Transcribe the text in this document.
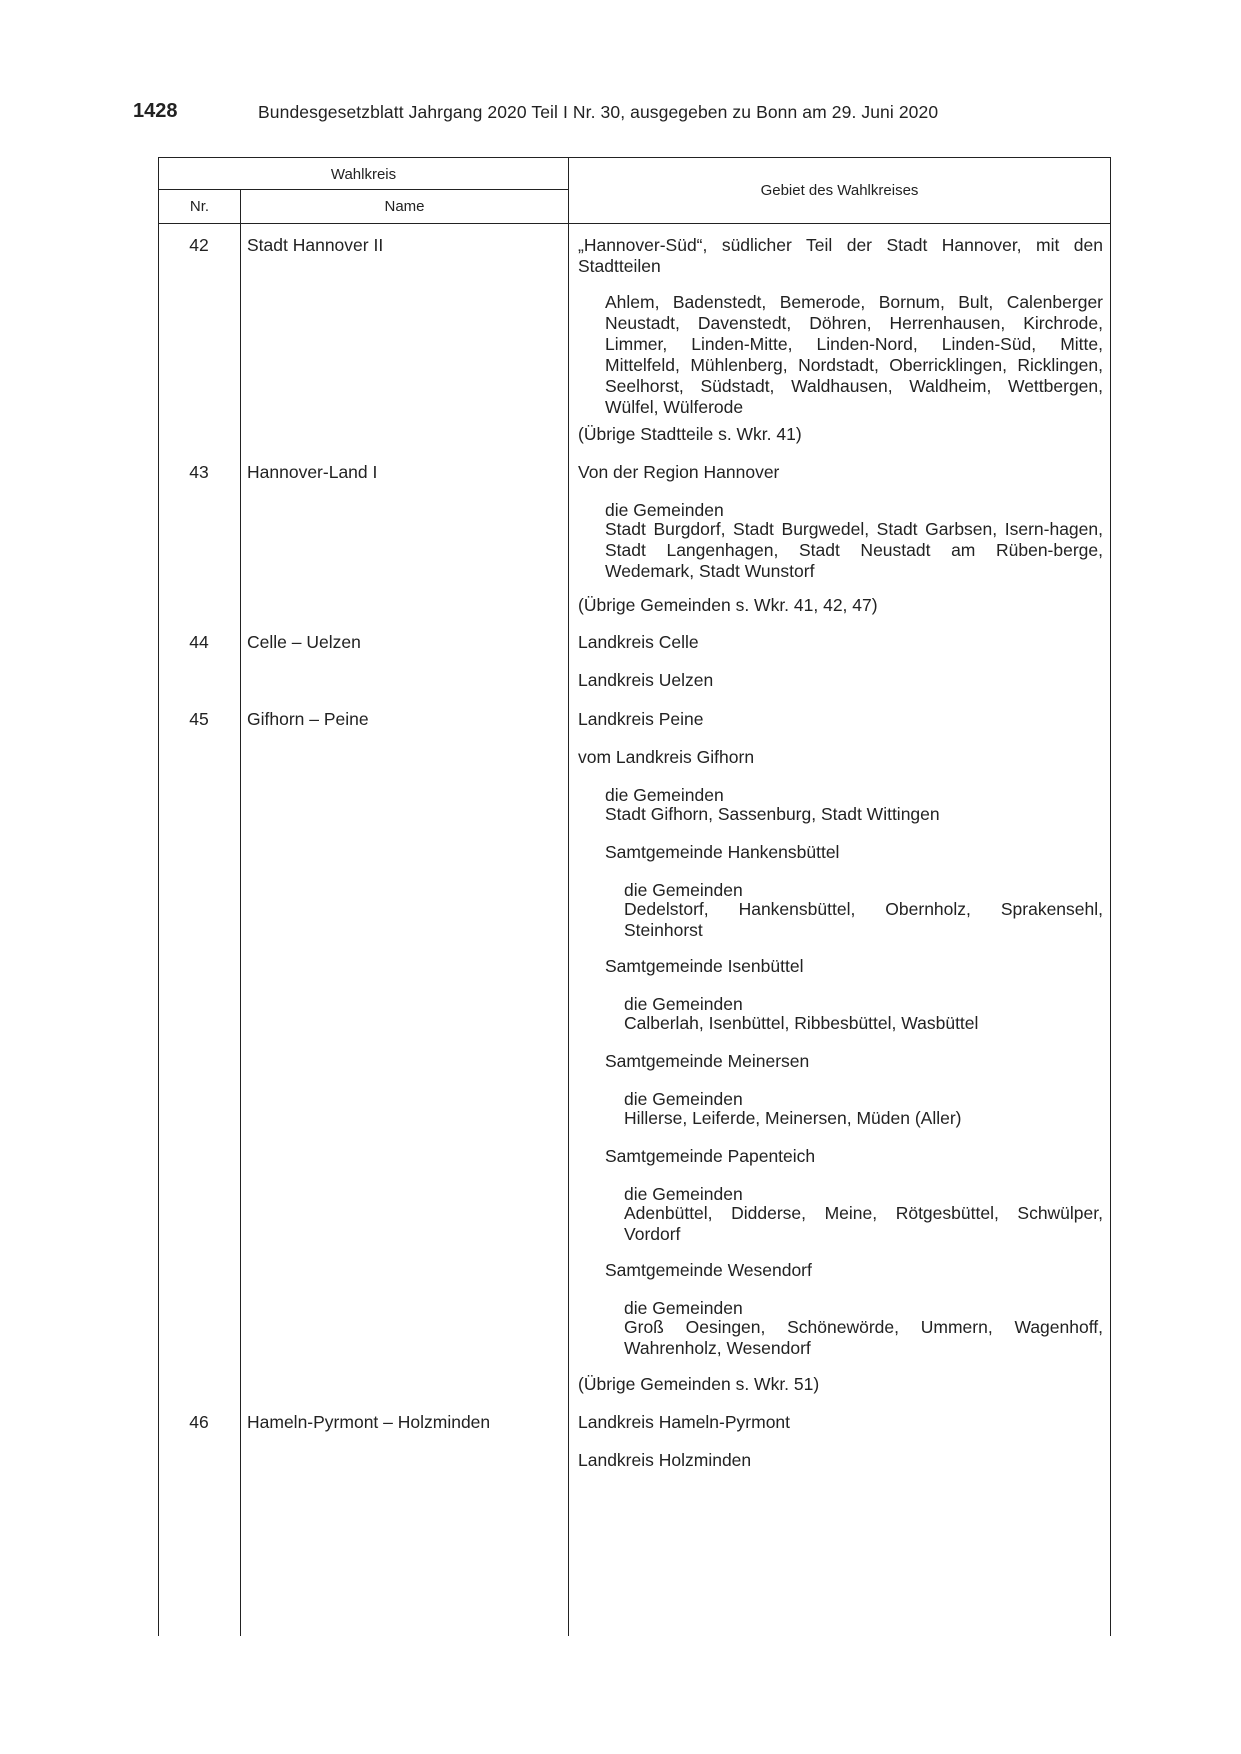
1428	Bundesgesetzblatt Jahrgang 2020 Teil I Nr. 30, ausgegeben zu Bonn am 29. Juni 2020
Wahlkreis
Nr.	Name
Gebiet des Wahlkreises
42	Stadt Hannover II	„Hannover-Süd“, südlicher Teil der Stadt Hannover, mit den Stadtteilen
Ahlem, Badenstedt, Bemerode, Bornum, Bult, Calenberger Neustadt, Davenstedt, Döhren, Herrenhausen, Kirchrode, Limmer, Linden-Mitte, Linden-Nord, Linden-Süd, Mitte, Mittelfeld, Mühlenberg, Nordstadt, Oberricklingen, Ricklingen, Seelhorst, Südstadt, Waldhausen, Waldheim, Wettbergen, Wülfel, Wülferode
(Übrige Stadtteile s. Wkr. 41)
43	Hannover-Land I	Von der Region Hannover
die Gemeinden
Stadt Burgdorf, Stadt Burgwedel, Stadt Garbsen, Isern-hagen, Stadt Langenhagen, Stadt Neustadt am Rüben-berge, Wedemark, Stadt Wunstorf
(Übrige Gemeinden s. Wkr. 41, 42, 47)
44	Celle – Uelzen	Landkreis Celle
Landkreis Uelzen
45	Gifhorn – Peine	Landkreis Peine
vom Landkreis Gifhorn
die Gemeinden
Stadt Gifhorn, Sassenburg, Stadt Wittingen
Samtgemeinde Hankensbüttel
die Gemeinden
Dedelstorf, Hankensbüttel, Obernholz, Sprakensehl, Steinhorst
Samtgemeinde Isenbüttel
die Gemeinden
Calberlah, Isenbüttel, Ribbesbüttel, Wasbüttel
Samtgemeinde Meinersen
die Gemeinden
Hillerse, Leiferde, Meinersen, Müden (Aller)
Samtgemeinde Papenteich
die Gemeinden
Adenbüttel, Didderse, Meine, Rötgesbüttel, Schwülper, Vordorf
Samtgemeinde Wesendorf
die Gemeinden
Groß Oesingen, Schönewörde, Ummern, Wagenhoff, Wahrenholz, Wesendorf
(Übrige Gemeinden s. Wkr. 51)
46	Hameln-Pyrmont – Holzminden	Landkreis Hameln-Pyrmont
Landkreis Holzminden
